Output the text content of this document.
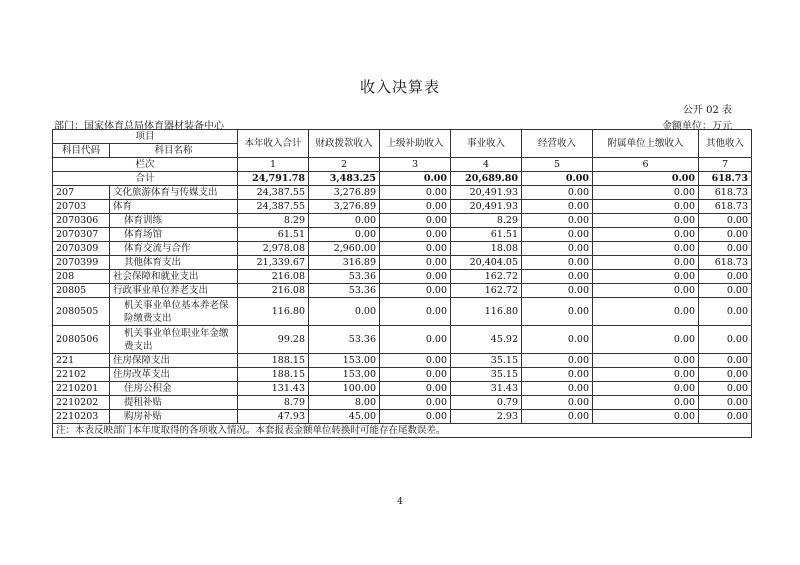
收入决算表
公开 02 表
部门：国家体育总局体育器材装备中心	金额单位：万元
项目		本年收入合计	财政拨款收入	上级补助收入	事业收入	经营收入	附属单位上缴收入	其他收入
科目代码	科目名称							
栏次		1	2	3	4	5	6	7
合计		24,791.78	3,483.25	0.00	20,689.80	0.00	0.00	618.73
207	文化旅游体育与传媒支出	24,387.55	3,276.89	0.00	20,491.93	0.00	0.00	618.73
20703	体育	24,387.55	3,276.89	0.00	20,491.93	0.00	0.00	618.73
2070306	体育训练	8.29	0.00	0.00	8.29	0.00	0.00	0.00
2070307	体育场馆	61.51	0.00	0.00	61.51	0.00	0.00	0.00
2070309	体育交流与合作	2,978.08	2,960.00	0.00	18.08	0.00	0.00	0.00
2070399	其他体育支出	21,339.67	316.89	0.00	20,404.05	0.00	0.00	618.73
208	社会保障和就业支出	216.08	53.36	0.00	162.72	0.00	0.00	0.00
20805	行政事业单位养老支出	216.08	53.36	0.00	162.72	0.00	0.00	0.00
2080505	机关事业单位基本养老保险缴费支出	116.80	0.00	0.00	116.80	0.00	0.00	0.00
2080506	机关事业单位职业年金缴费支出	99.28	53.36	0.00	45.92	0.00	0.00	0.00
221	住房保障支出	188.15	153.00	0.00	35.15	0.00	0.00	0.00
22102	住房改革支出	188.15	153.00	0.00	35.15	0.00	0.00	0.00
2210201	住房公积金	131.43	100.00	0.00	31.43	0.00	0.00	0.00
2210202	提租补贴	8.79	8.00	0.00	0.79	0.00	0.00	0.00
2210203	购房补贴	47.93	45.00	0.00	2.93	0.00	0.00	0.00
注：本表反映部门本年度取得的各项收入情况。本套报表金额单位转换时可能存在尾数误差。								
4
